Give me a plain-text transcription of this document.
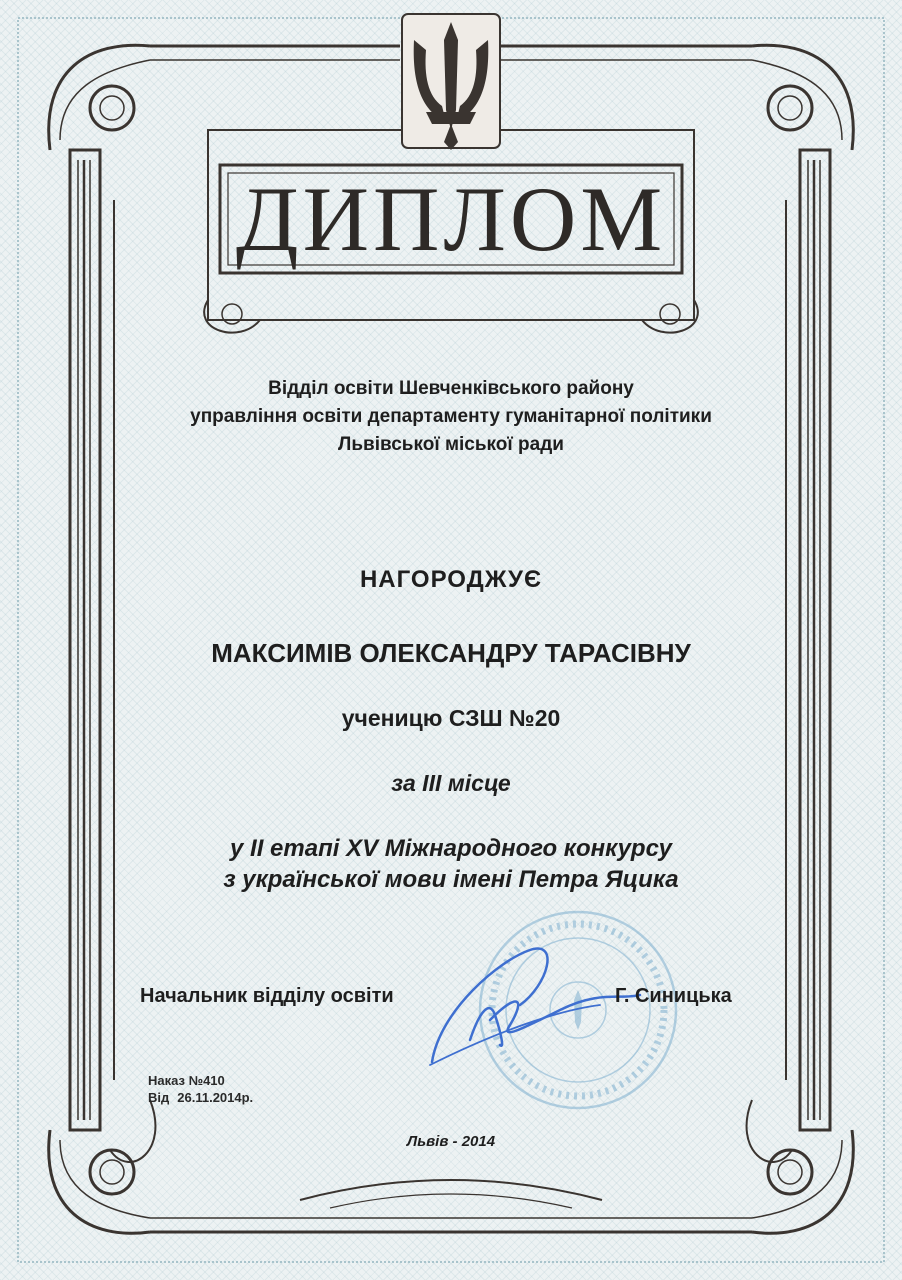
ДИПЛОМ

Відділ освіти Шевченківського району

управління освіти департаменту гуманітарної політики

Львівської міської ради

НАГОРОДЖУЄ

МАКСИМІВ ОЛЕКСАНДРУ ТАРАСІВНУ

ученицю СЗШ №20

за ІІІ місце

у ІІ етапі XV Міжнародного конкурсу

з української мови імені Петра Яцика

Начальник відділу освіти	Г. Синицька
Наказ №410
Від 26.11.2014р.

Львів - 2014
